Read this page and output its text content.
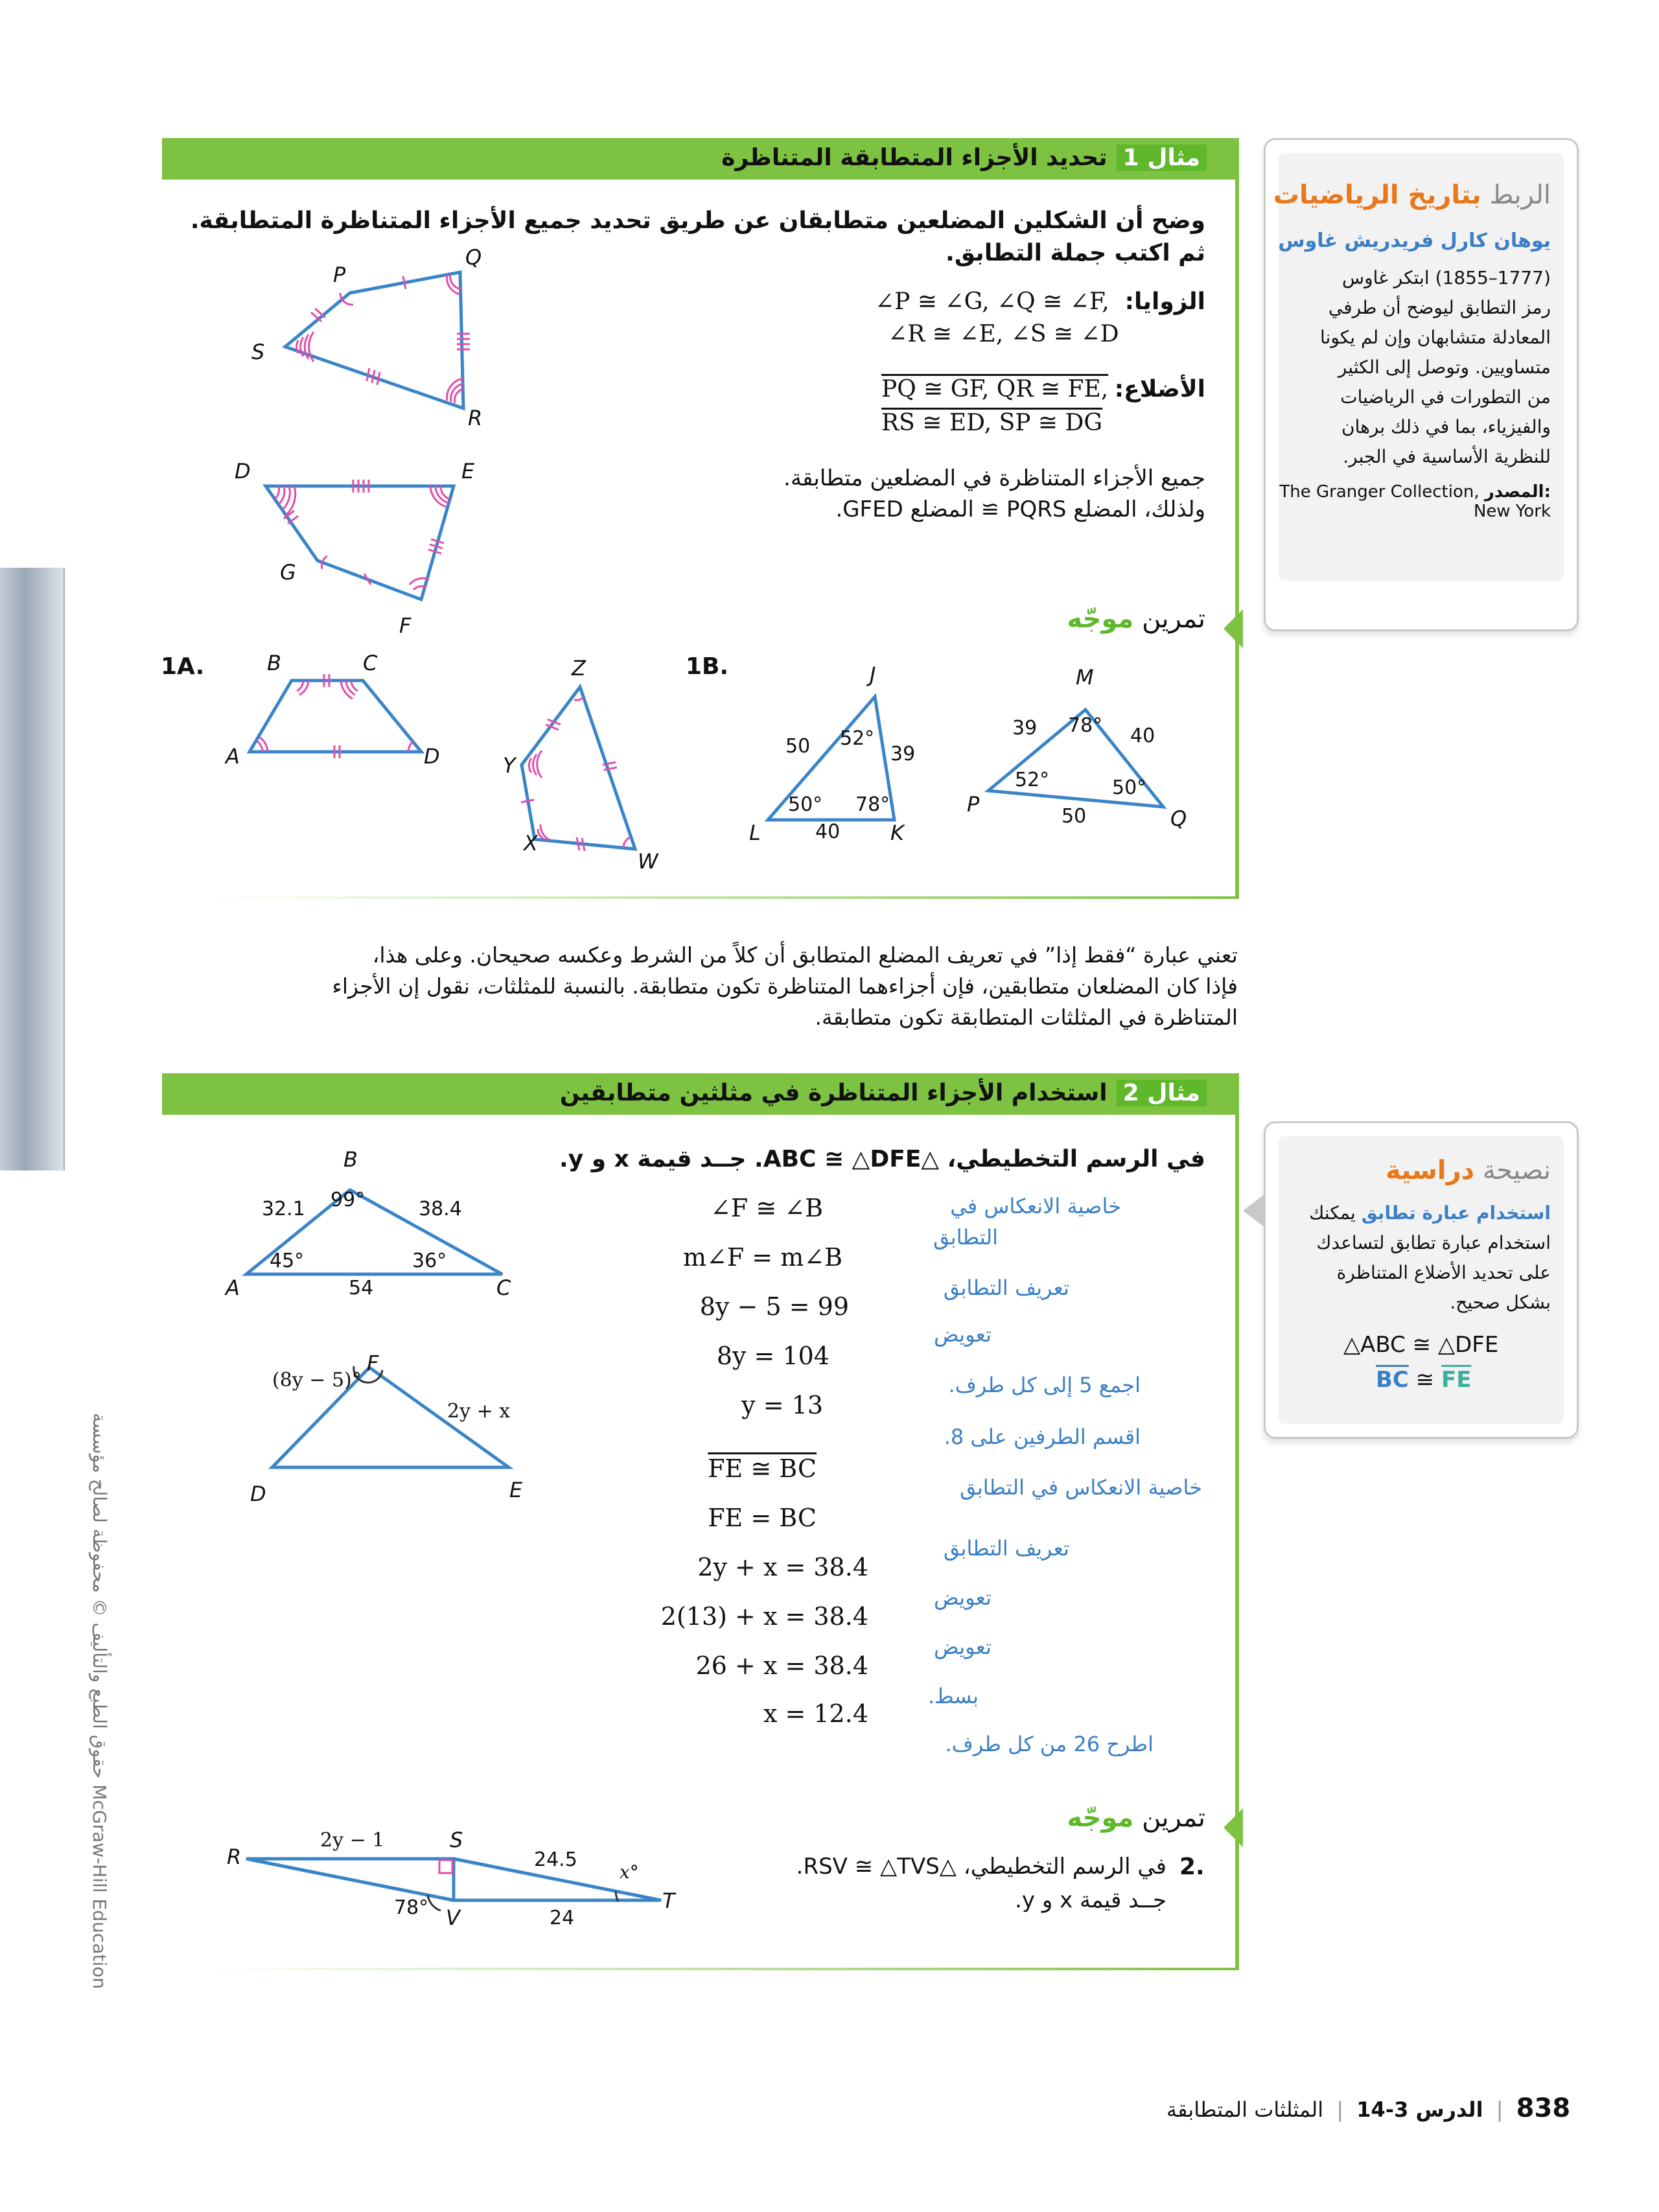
حقوق الطبع والتأليف © محفوظة لصالح مؤسسة McGraw-Hill Education
مثال 1تحديد الأجزاء المتطابقة المتناظرة
وضح أن الشكلين المضلعين متطابقان عن طريق تحديد جميع الأجزاء المتناظرة المتطابقة.
ثم اكتب جملة التطابق.
الزوايا:
∠P ≅ ∠G, ∠Q ≅ ∠F,
∠R ≅ ∠E, ∠S ≅ ∠D
الأضلاع:
PQ ≅ GF, QR ≅ FE,
RS ≅ ED, SP ≅ DG
جميع الأجزاء المتناظرة في المضلعين متطابقة.
ولذلك، المضلع PQRS ≅ المضلع GFED.
P
Q
S
R
D	E
G
F	تمرين موجّه
1A.	1B.
B	C
A	D
Z
Y
X
W
J
L	K
M
P
Q
50 52°
39
50° 78°
40
39 78° 40
52°	50°
50
تعني عبارة “فقط إذا” في تعريف المضلع المتطابق أن كلاً من الشرط وعكسه صحيحان. وعلى هذا،
فإذا كان المضلعان متطابقين، فإن أجزاءهما المتناظرة تكون متطابقة. بالنسبة للمثلثات، نقول إن الأجزاء
المتناظرة في المثلثات المتطابقة تكون متطابقة.
مثال 2استخدام الأجزاء المتناظرة في مثلثين متطابقين
في الرسم التخطيطي، △ABC ≅ △DFE. جــد قيمة x و y.
∠F ≅ ∠B	خاصية الانعكاس في
التطابق
m∠F = m∠B
تعريف التطابق
8y − 5 = 99
تعويض
8y = 104
اجمع 5 إلى كل طرف.
y = 13
اقسم الطرفين على 8.
FE ≅ BC
خاصية الانعكاس في التطابق
FE = BC
تعريف التطابق
2y + x = 38.4
تعويض
2(13) + x = 38.4
تعويض
26 + x = 38.4
بسط.
x = 12.4
اطرح 26 من كل طرف.
B
A	C
32.1 99°	38.4
45°	36°
54
F
D	E
(8y − 5)°
2y + x
تمرين موجّه
2.
في الرسم التخطيطي، △RSV ≅ △TVS.
جــد قيمة x و y.
R
S
T
V
2y − 1
24.5
x°
78°	24
الربط بتاريخ الرياضيات
يوهان كارل فريدريش غاوس
(1777–1855) ابتكر غاوس
رمز التطابق ليوضح أن طرفي
المعادلة متشابهان وإن لم يكونا
متساويين. وتوصل إلى الكثير
من التطورات في الرياضيات
والفيزياء، بما في ذلك برهان
للنظرية الأساسية في الجبر.
The Granger Collection, المصدر:
New York
نصيحة دراسية
استخدام عبارة تطابق يمكنك
استخدام عبارة تطابق لتساعدك
على تحديد الأضلاع المتناظرة
بشكل صحيح.
△ABC ≅ △DFE
$\overline{BC}$ ≅ $\overline{FE}$
838 | الدرس 3-14 | المثلثات المتطابقة
